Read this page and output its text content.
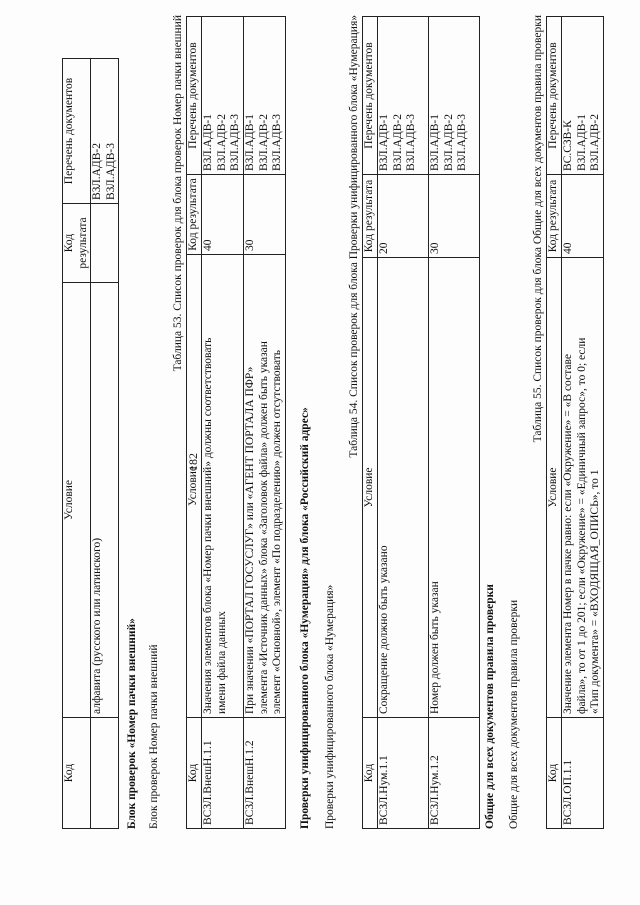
182
Код	Условие	Код результата	Перечень документов

	алфавита (русского или латинского)		ВЗЛ.АДВ-2 ВЗЛ.АДВ-3
Блок проверок «Номер пачки внешний» Блок проверок Номер пачки внешний
Таблица 53. Список проверок для блока проверок Номер пачки внешний
Код	Условие	Код результата	Перечень документов
ВСЗЛ.ВнешН.1.1	Значения элементов блока «Номер пачки внешний» должны соответствовать имени файла данных	40	ВЗЛ.АДВ-1 ВЗЛ.АДВ-2 ВЗЛ.АДВ-3

ВСЗЛ.ВнешН.1.2	При значении «ПОРТАЛ ГОСУСЛУГ» или «АГЕНТ ПОРТАЛА ПФР» элемента «Источник данных» блока «Заголовок файла» должен быть указан элемент «Основной», элемент «По подразделению» должен отсутствовать	30	ВЗЛ.АДВ-1 ВЗЛ.АДВ-2 ВЗЛ.АДВ-3
Проверки унифицированного блока «Нумерация» для блока «Российский адрес» Проверки унифицированного блока «Нумерация»
Таблица 54. Список проверок для блока Проверки унифицированного блока «Нумерация»
Код	Условие	Код результата	Перечень документов
ВСЗЛ.Нум.1.1	Сокращение должно быть указано	20	ВЗЛ.АДВ-1 ВЗЛ.АДВ-2 ВЗЛ.АДВ-3

ВСЗЛ.Нум.1.2	Номер должен быть указан	30	ВЗЛ.АДВ-1 ВЗЛ.АДВ-2 ВЗЛ.АДВ-3
Общие для всех документов правила проверки Общие для всех документов правила проверки
Таблица 55. Список проверок для блока Общие для всех документов правила проверки
Код	Условие	Код результата	Перечень документов
ВСЗЛ.ОП.1.1	Значение элемента Номер в пачке равно: если «Окружение» = «В составе файла», то от 1 до 201; если «Окружение» = «Единичный запрос», то 0; если «Тип документа» = «ВХОДЯЩАЯ_ОПИСЬ», то 1	40	ВС.СЗВ-К ВЗЛ.АДВ-1 ВЗЛ.АДВ-2
